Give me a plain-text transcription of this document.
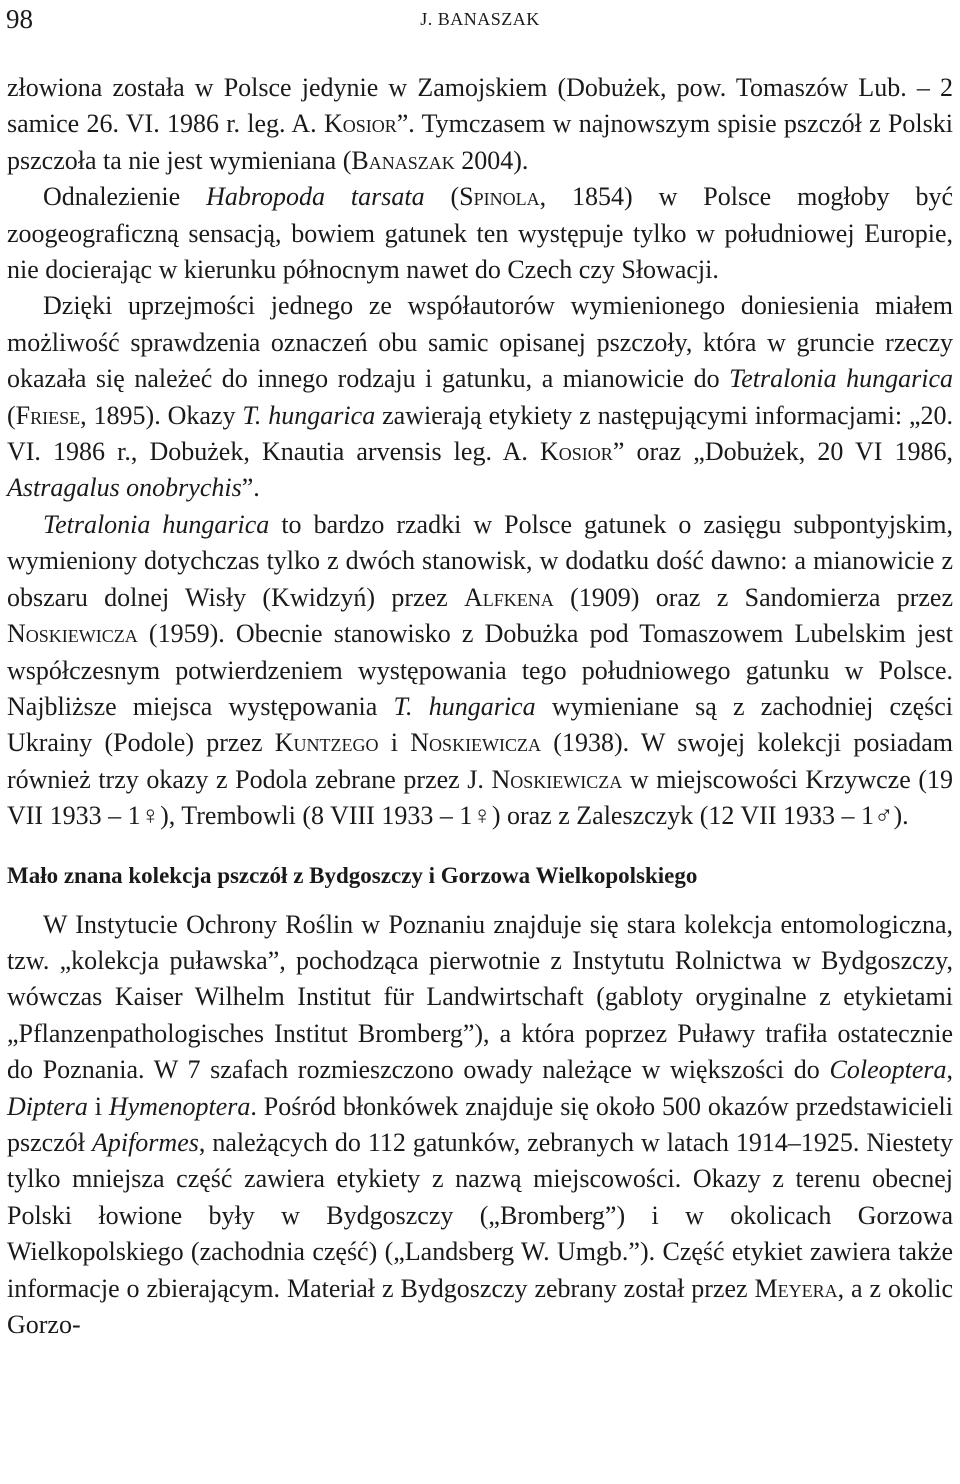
98	J. BANASZAK

złowiona została w Polsce jedynie w Zamojskiem (Dobużek, pow. Tomaszów Lub. – 2 samice 26. VI. 1986 r. leg. A. Kosior”. Tymczasem w najnowszym spisie pszczół z Polski pszczoła ta nie jest wymieniana (Banaszak 2004).

Odnalezienie Habropoda tarsata (Spinola, 1854) w Polsce mogłoby być zoogeograficzną sensacją, bowiem gatunek ten występuje tylko w południowej Europie, nie docierając w kierunku północnym nawet do Czech czy Słowacji.

Dzięki uprzejmości jednego ze współautorów wymienionego doniesienia miałem możliwość sprawdzenia oznaczeń obu samic opisanej pszczoły, która w gruncie rzeczy okazała się należeć do innego rodzaju i gatunku, a mianowicie do Tetralonia hungarica (Friese, 1895). Okazy T. hungarica zawierają etykiety z następującymi informacjami: „20. VI. 1986 r., Dobużek, Knautia arvensis leg. A. Kosior” oraz „Dobużek, 20 VI 1986, Astragalus onobrychis”.

Tetralonia hungarica to bardzo rzadki w Polsce gatunek o zasięgu subpontyjskim, wymieniony dotychczas tylko z dwóch stanowisk, w dodatku dość dawno: a mianowicie z obszaru dolnej Wisły (Kwidzyń) przez Alfkena (1909) oraz z Sandomierza przez Noskiewicza (1959). Obecnie stanowisko z Dobużka pod Tomaszowem Lubelskim jest współczesnym potwierdzeniem występowania tego południowego gatunku w Polsce. Najbliższe miejsca występowania T. hungarica wymieniane są z zachodniej części Ukrainy (Podole) przez Kuntzego i Noskiewicza (1938). W swojej kolekcji posiadam również trzy okazy z Podola zebrane przez J. Noskiewicza w miejscowości Krzywcze (19 VII 1933 – 1♀), Trembowli (8 VIII 1933 – 1♀) oraz z Zaleszczyk (12 VII 1933 – 1♂).

Mało znana kolekcja pszczół z Bydgoszczy i Gorzowa Wielkopolskiego

W Instytucie Ochrony Roślin w Poznaniu znajduje się stara kolekcja entomologiczna, tzw. „kolekcja puławska”, pochodząca pierwotnie z Instytutu Rolnictwa w Bydgoszczy, wówczas Kaiser Wilhelm Institut für Landwirtschaft (gabloty oryginalne z etykietami „Pflanzenpathologisches Institut Bromberg”), a która poprzez Puławy trafiła ostatecznie do Poznania. W 7 szafach rozmieszczono owady należące w większości do Coleoptera, Diptera i Hymenoptera. Pośród błonkówek znajduje się około 500 okazów przedstawicieli pszczół Apiformes, należących do 112 gatunków, zebranych w latach 1914–1925. Niestety tylko mniejsza część zawiera etykiety z nazwą miejscowości. Okazy z terenu obecnej Polski łowione były w Bydgoszczy („Bromberg”) i w okolicach Gorzowa Wielkopolskiego (zachodnia część) („Landsberg W. Umgb.”). Część etykiet zawiera także informacje o zbierającym. Materiał z Bydgoszczy zebrany został przez Meyera, a z okolic Gorzo-
